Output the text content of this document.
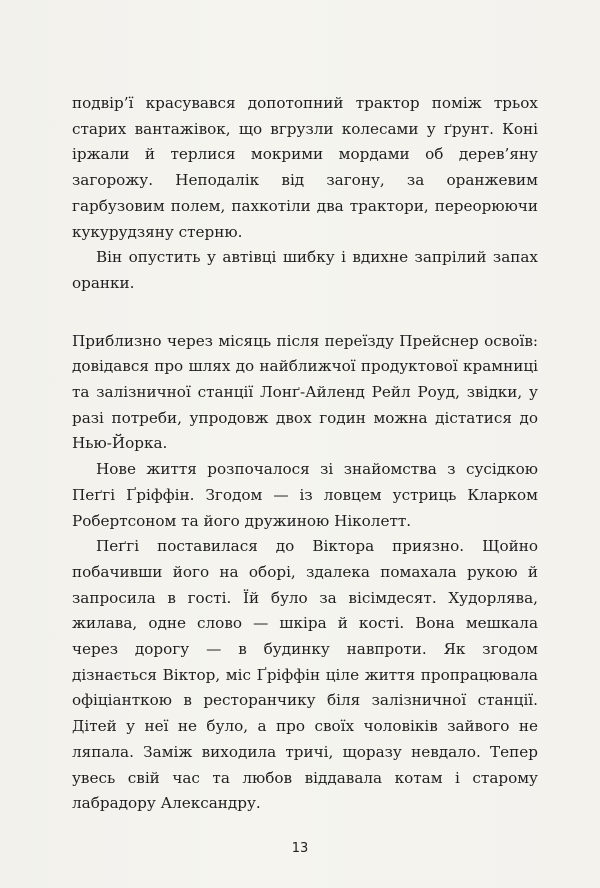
подвір’ї красувався допотопний трактор поміж трьох старих вантажівок, що вгрузли колесами у ґрунт. Коні іржали й терлися мокрими мордами об дерев’яну загорожу. Неподалік від загону, за оранжевим гарбузовим полем, пахкотіли два трактори, переорюючи кукурудзяну стерню.

Він опустить у автівці шибку і вдихне запрілий запах оранки.

Приблизно через місяць після переїзду Прейснер освоїв: довідався про шлях до найближчої продуктової крамниці та залізничної станції Лонґ-Айленд Рейл Роуд, звідки, у разі потреби, упродовж двох годин можна дістатися до Нью-Йорка.

Нове життя розпочалося зі знайомства з сусідкою Пеґгі Ґріффін. Згодом — із ловцем устриць Кларком Робертсоном та його дружиною Ніколетт.

Пеґгі поставилася до Віктора приязно. Щойно побачивши його на оборі, здалека помахала рукою й запросила в гості. Їй було за вісімдесят. Худорлява, жилава, одне слово — шкіра й кості. Вона мешкала через дорогу — в будинку навпроти. Як згодом дізнається Віктор, міс Ґріффін ціле життя пропрацювала офіціанткою в ресторанчику біля залізничної станції. Дітей у неї не було, а про своїх чоловіків зайвого не ляпала. Заміж виходила тричі, щоразу невдало. Тепер увесь свій час та любов віддавала котам і старому лабрадору Александру.

13
